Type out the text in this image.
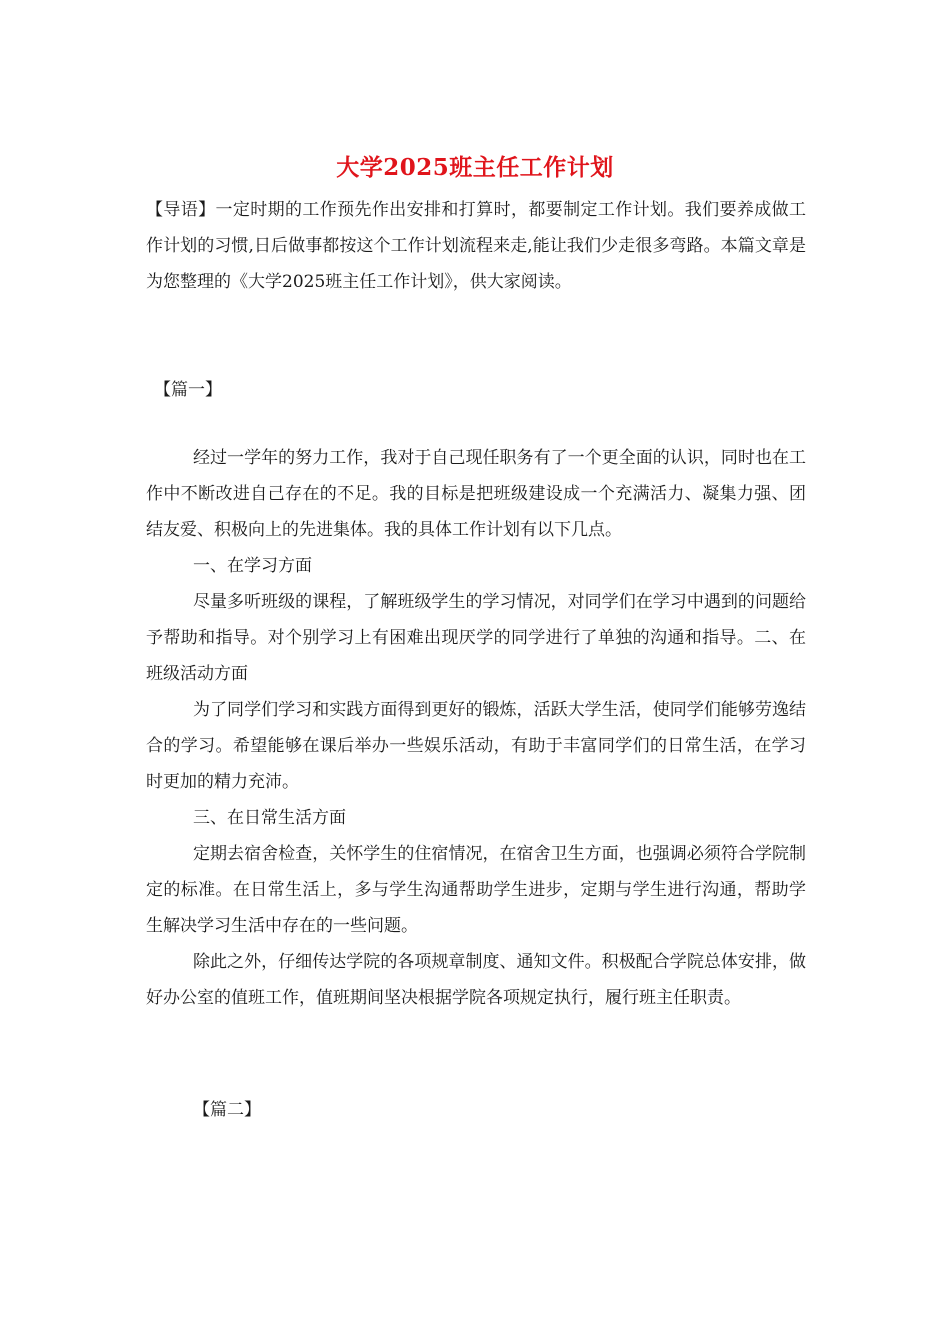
大学2025班主任工作计划

【导语】一定时期的工作预先作出安排和打算时，都要制定工作计划。我们要养成做工作计划的习惯,日后做事都按这个工作计划流程来走,能让我们少走很多弯路。本篇文章是为您整理的《大学2025班主任工作计划》，供大家阅读。

【篇一】

经过一学年的努力工作，我对于自己现任职务有了一个更全面的认识，同时也在工作中不断改进自己存在的不足。我的目标是把班级建设成一个充满活力、凝集力强、团结友爱、积极向上的先进集体。我的具体工作计划有以下几点。

一、在学习方面

尽量多听班级的课程，了解班级学生的学习情况，对同学们在学习中遇到的问题给予帮助和指导。对个别学习上有困难出现厌学的同学进行了单独的沟通和指导。二、在班级活动方面

为了同学们学习和实践方面得到更好的锻炼，活跃大学生活，使同学们能够劳逸结合的学习。希望能够在课后举办一些娱乐活动，有助于丰富同学们的日常生活，在学习时更加的精力充沛。

三、在日常生活方面

定期去宿舍检查，关怀学生的住宿情况，在宿舍卫生方面，也强调必须符合学院制定的标准。在日常生活上，多与学生沟通帮助学生进步，定期与学生进行沟通，帮助学生解决学习生活中存在的一些问题。

除此之外，仔细传达学院的各项规章制度、通知文件。积极配合学院总体安排，做好办公室的值班工作，值班期间坚决根据学院各项规定执行，履行班主任职责。

【篇二】
